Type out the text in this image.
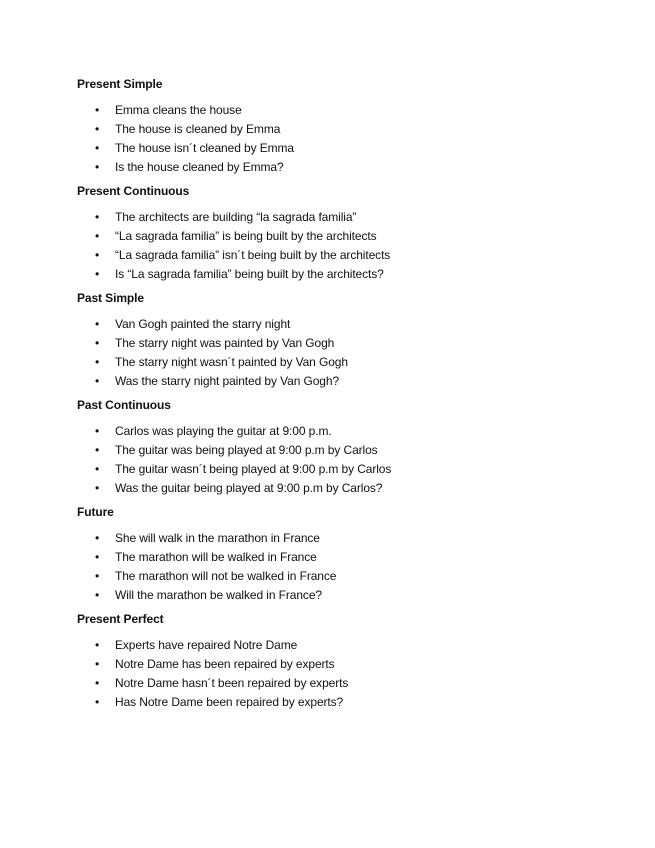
Present Simple
• Emma cleans the house
• The house is cleaned by Emma
• The house isn´t cleaned by Emma
• Is the house cleaned by Emma?
Present Continuous
• The architects are building “la sagrada familia”
• “La sagrada familia” is being built by the architects
• “La sagrada familia” isn´t being built by the architects
• Is “La sagrada familia” being built by the architects?
Past Simple
• Van Gogh painted the starry night
• The starry night was painted by Van Gogh
• The starry night wasn´t painted by Van Gogh
• Was the starry night painted by Van Gogh?
Past Continuous
• Carlos was playing the guitar at 9:00 p.m.
• The guitar was being played at 9:00 p.m by Carlos
• The guitar wasn´t being played at 9:00 p.m by Carlos
• Was the guitar being played at 9:00 p.m by Carlos?
Future
• She will walk in the marathon in France
• The marathon will be walked in France
• The marathon will not be walked in France
• Will the marathon be walked in France?
Present Perfect
• Experts have repaired Notre Dame
• Notre Dame has been repaired by experts
• Notre Dame hasn´t been repaired by experts
• Has Notre Dame been repaired by experts?
